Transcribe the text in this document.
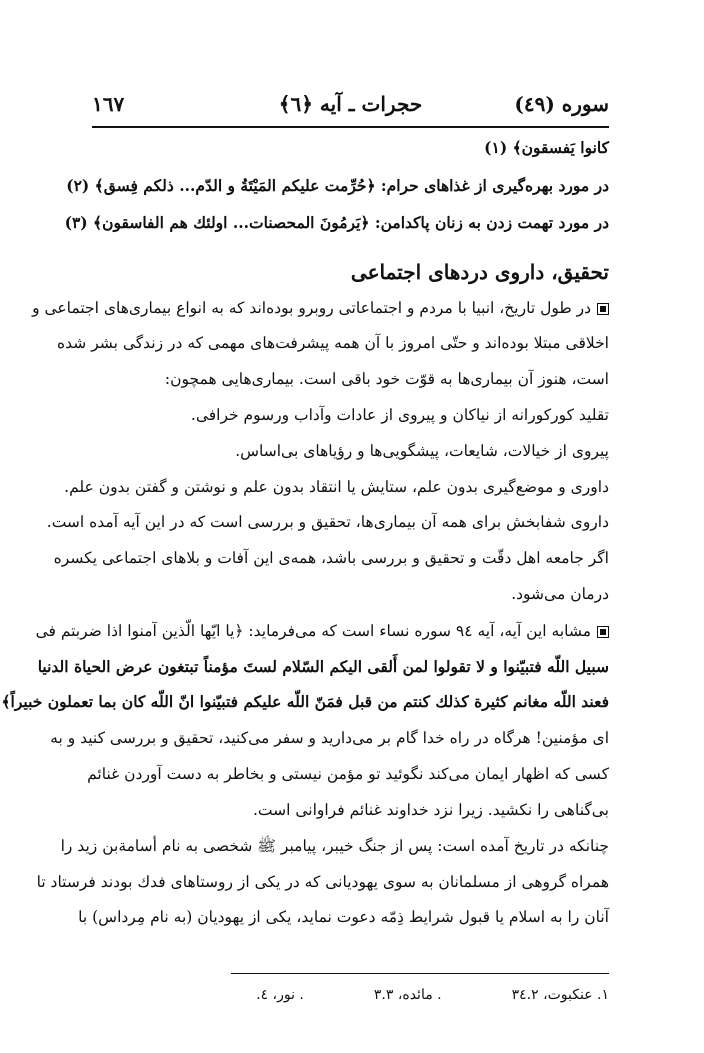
سوره (٤٩)
حجرات ـ آیه ﴿٦﴾
١٦٧
کانوا یَفسقون﴾ (١)
در مورد بهره‌گیری از غذاهای حرام: ﴿حُرِّمت علیکم المَیْتَةُ و الدّم... ذلکم فِسق﴾ (٢)
در مورد تهمت زدن به زنان پاکدامن: ﴿یَرمُونَ المحصنات... اولئك هم الفاسقون﴾ (٣)
تحقیق، داروی دردهای اجتماعی
در طول تاریخ، انبیا با مردم و اجتماعاتی روبرو بوده‌اند که به انواع بیماری‌های اجتماعی و
اخلاقی مبتلا بوده‌اند و حتّی امروز با آن همه پیشرفت‌های مهمی که در زندگی بشر شده
است، هنوز آن بیماری‌ها به قوّت خود باقی است. بیماری‌هایی همچون:
تقلید کورکورانه از نیاکان و پیروی از عادات وآداب ورسوم خرافی.
پیروی از خیالات، شایعات، پیشگویی‌ها و رؤیاهای بی‌اساس.
داوری و موضع‌گیری بدون علم، ستایش یا انتقاد بدون علم و نوشتن و گفتن بدون علم.
داروی شفابخش برای همه آن بیماری‌ها، تحقیق و بررسی است که در این آیه آمده است.
اگر جامعه اهل دقّت و تحقیق و بررسی باشد، همه‌ی این آفات و بلاهای اجتماعی یکسره
درمان می‌شود.
مشابه این آیه، آیه ٩٤ سوره نساء است که می‌فرماید: ﴿یا ایّها الّذین آمنوا اذا ضربتم فی
سبیل اللّه فتبیّنوا و لا تقولوا لمن أَلقی الیکم السّلام لستَ مؤمناً تبتغون عرض الحیاة الدنیا
فعند اللّه مغانم کثیرة کذلك کنتم من قبل فمَنّ اللّه علیکم فتبیّنوا انّ اللّه کان بما تعملون خبیراً﴾
ای مؤمنین! هرگاه در راه خدا گام بر می‌دارید و سفر می‌کنید، تحقیق و بررسی کنید و به
کسی که اظهار ایمان می‌کند نگوئید تو مؤمن نیستی و بخاطر به دست آوردن غنائم
بی‌گناهی را نکشید. زیرا نزد خداوند غنائم فراوانی است.
چنانکه در تاریخ آمده است: پس از جنگ خیبر، پیامبر ﷺ شخصی به نام أسامة‌بن زید را
همراه گروهی از مسلمانان به سوی یهودیانی که در یکی از روستاهای فدك بودند فرستاد تا
آنان را به اسلام یا قبول شرایط ذِمّه دعوت نماید، یکی از یهودیان (به نام مِرداس) با
١. عنکبوت، ٣٤.٢. مائده، ٣.٣. نور، ٤.
